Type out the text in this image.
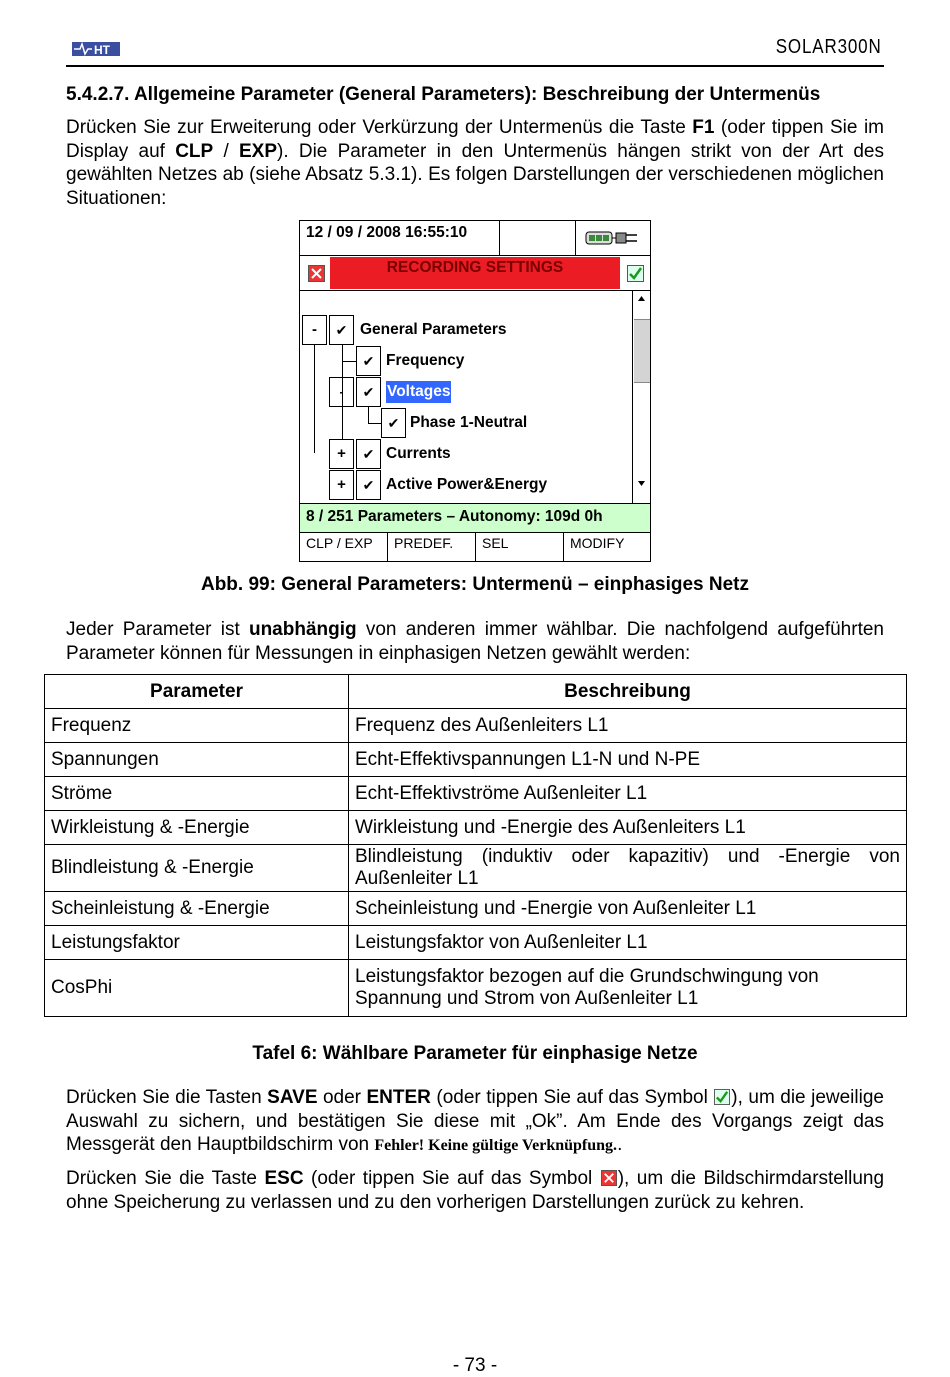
HT	SOLAR300N
5.4.2.7. Allgemeine Parameter (General Parameters): Beschreibung der Untermenüs
Drücken Sie zur Erweiterung oder Verkürzung der Untermenüs die Taste F1 (oder tippen Sie im Display auf CLP / EXP). Die Parameter in den Untermenüs hängen strikt von der Art des gewählten Netzes ab (siehe Absatz 5.3.1). Es folgen Darstellungen der verschiedenen möglichen Situationen:
12 / 09 / 2008 16:55:10
RECORDING SETTINGS
-	✔ General Parameters
✔ Frequency
-	✔ Voltages
✔ Phase 1-Neutral
+	✔ Currents
+	✔ Active Power&Energy
8 / 251 Parameters – Autonomy: 109d 0h
CLP / EXP	PREDEF.	SEL	MODIFY
Abb. 99: General Parameters: Untermenü – einphasiges Netz
Jeder Parameter ist unabhängig von anderen immer wählbar. Die nachfolgend aufgeführten Parameter können für Messungen in einphasigen Netzen gewählt werden:
Parameter	Beschreibung
Frequenz	Frequenz des Außenleiters L1
Spannungen	Echt-Effektivspannungen L1-N und N-PE
Ströme	Echt-Effektivströme Außenleiter L1
Wirkleistung & -Energie	Wirkleistung und -Energie des Außenleiters L1
Blindleistung & -Energie	Blindleistung (induktiv oder kapazitiv) und -Energie von Außenleiter L1
Scheinleistung & -Energie	Scheinleistung und -Energie von Außenleiter L1
Leistungsfaktor	Leistungsfaktor von Außenleiter L1
CosPhi	Leistungsfaktor bezogen auf die Grundschwingung von Spannung und Strom von Außenleiter L1
Tafel 6: Wählbare Parameter für einphasige Netze
Drücken Sie die Tasten SAVE oder ENTER (oder tippen Sie auf das Symbol ), um die jeweilige Auswahl zu sichern, und bestätigen Sie diese mit „Ok”. Am Ende des Vorgangs zeigt das Messgerät den Hauptbildschirm von Fehler! Keine gültige Verknüpfung..
Drücken Sie die Taste ESC (oder tippen Sie auf das Symbol ), um die Bildschirmdarstellung ohne Speicherung zu verlassen und zu den vorherigen Darstellungen zurück zu kehren.
- 73 -
